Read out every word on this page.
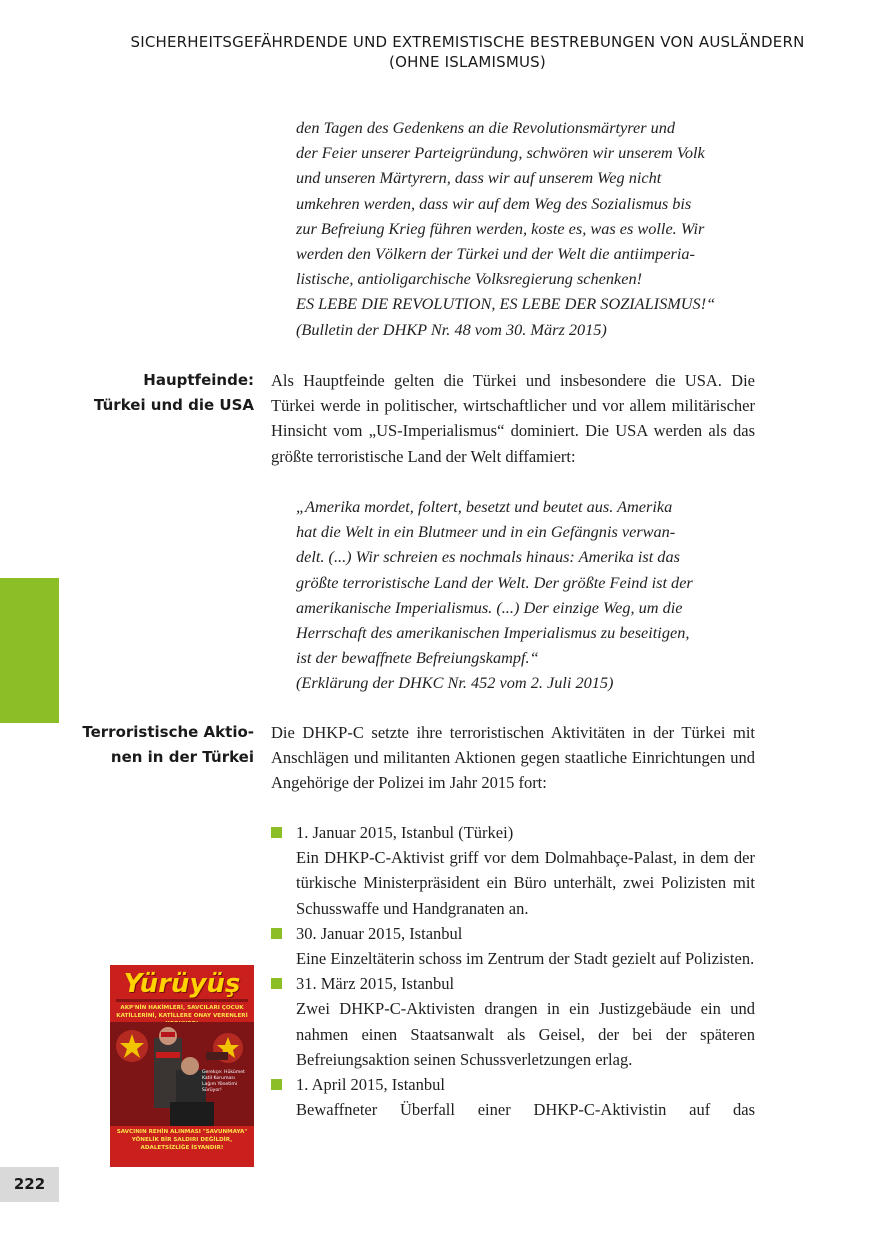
SICHERHEITSGEFÄHRDENDE UND EXTREMISTISCHE BESTREBUNGEN VON AUSLÄNDERN
(OHNE ISLAMISMUS)
den Tagen des Gedenkens an die Revolutionsmärtyrer und
der Feier unserer Parteigründung, schwören wir unserem Volk
und unseren Märtyrern, dass wir auf unserem Weg nicht
umkehren werden, dass wir auf dem Weg des Sozialismus bis
zur Befreiung Krieg führen werden, koste es, was es wolle. Wir
werden den Völkern der Türkei und der Welt die antiimperia-
listische, antioligarchische Volksregierung schenken!
ES LEBE DIE REVOLUTION, ES LEBE DER SOZIALISMUS!“
(Bulletin der DHKP Nr. 48 vom 30. März 2015)
Hauptfeinde:
Türkei und die USA
Als Hauptfeinde gelten die Türkei und insbesondere die USA. Die Türkei werde in politischer, wirtschaftlicher und vor allem militärischer Hinsicht vom „US-Imperialismus“ dominiert. Die USA werden als das größte terroristische Land der Welt diffamiert:
„Amerika mordet, foltert, besetzt und beutet aus. Amerika
hat die Welt in ein Blutmeer und in ein Gefängnis verwan-
delt. (...) Wir schreien es nochmals hinaus: Amerika ist das
größte terroristische Land der Welt. Der größte Feind ist der
amerikanische Imperialismus. (...) Der einzige Weg, um die
Herrschaft des amerikanischen Imperialismus zu beseitigen,
ist der bewaffnete Befreiungskampf.“
(Erklärung der DHKC Nr. 452 vom 2. Juli 2015)
Terroristische Aktio-
nen in der Türkei
Die DHKP-C setzte ihre terroristischen Aktivitäten in der Türkei mit Anschlägen und militanten Aktionen gegen staatliche Einrichtungen und Angehörige der Polizei im Jahr 2015 fort:
1. Januar 2015, Istanbul (Türkei)
Ein DHKP-C-Aktivist griff vor dem Dolmahbaçe-Palast, in dem der türkische Ministerpräsident ein Büro unterhält, zwei Polizisten mit Schusswaffe und Handgranaten an.
30. Januar 2015, Istanbul
Eine Einzeltäterin schoss im Zentrum der Stadt gezielt auf Polizisten.
31. März 2015, Istanbul
Zwei DHKP-C-Aktivisten drangen in ein Justizgebäude ein und nahmen einen Staatsanwalt als Geisel, der bei der späteren Befreiungsaktion seinen Schussverletzungen erlag.
1. April 2015, Istanbul
Bewaffneter Überfall einer DHKP-C-Aktivistin auf das
Yürüyüş
AKP'NİN HAKİMLERİ, SAVCILARI ÇOCUK KATİLLERİNİ, KATİLLERE ONAY VERENLERİ
Gerekçe: Hükümet Katil Koruması Lağım Yönetimi Sürüyor!
SAVCININ REHİN ALINMASI "SAVUNMAYA" YÖNELİK BİR SALDIRI DEĞİLDİR, ADALETSİZLİĞE İSYANDIR!
222
